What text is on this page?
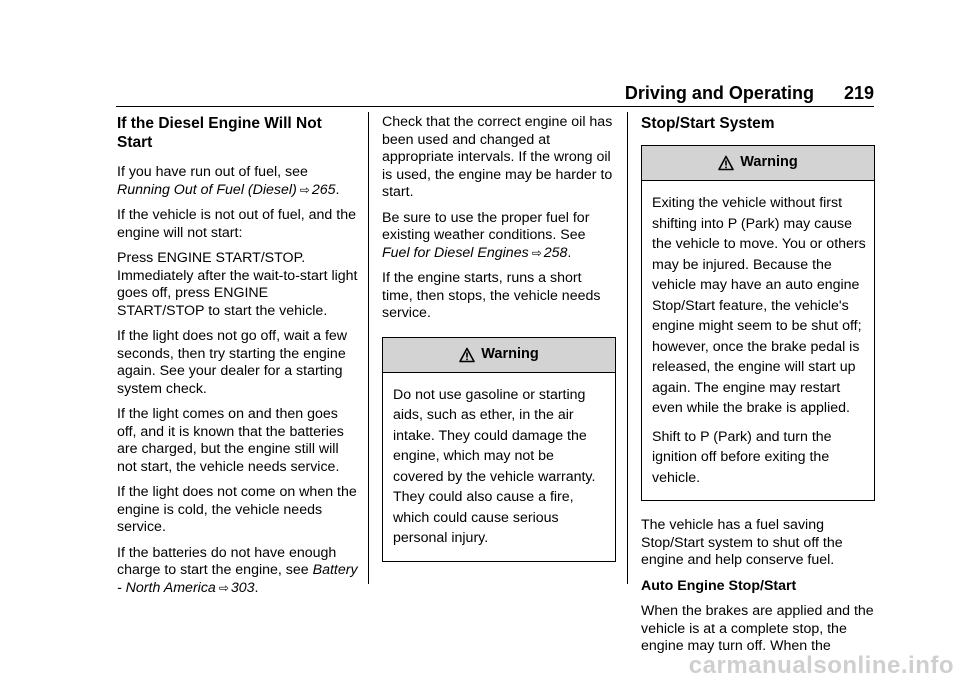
Driving and Operating 219
If the Diesel Engine Will Not Start

If you have run out of fuel, see Running Out of Fuel (Diesel) ⇨ 265.

If the vehicle is not out of fuel, and the engine will not start:

Press ENGINE START/STOP. Immediately after the wait-to-start light goes off, press ENGINE START/STOP to start the vehicle.

If the light does not go off, wait a few seconds, then try starting the engine again. See your dealer for a starting system check.

If the light comes on and then goes off, and it is known that the batteries are charged, but the engine still will not start, the vehicle needs service.

If the light does not come on when the engine is cold, the vehicle needs service.

If the batteries do not have enough charge to start the engine, see Battery - North America ⇨ 303.

Check that the correct engine oil has been used and changed at appropriate intervals. If the wrong oil is used, the engine may be harder to start.

Be sure to use the proper fuel for existing weather conditions. See Fuel for Diesel Engines ⇨ 258.

If the engine starts, runs a short time, then stops, the vehicle needs service.

Warning

Do not use gasoline or starting aids, such as ether, in the air intake. They could damage the engine, which may not be covered by the vehicle warranty. They could also cause a fire, which could cause serious personal injury.

Stop/Start System
Warning

Exiting the vehicle without first shifting into P (Park) may cause the vehicle to move. You or others may be injured. Because the vehicle may have an auto engine Stop/Start feature, the vehicle's engine might seem to be shut off; however, once the brake pedal is released, the engine will start up again. The engine may restart even while the brake is applied.

Shift to P (Park) and turn the ignition off before exiting the vehicle.

The vehicle has a fuel saving Stop/Start system to shut off the engine and help conserve fuel.

Auto Engine Stop/Start

When the brakes are applied and the vehicle is at a complete stop, the engine may turn off. When the

carmanualsonline.info
